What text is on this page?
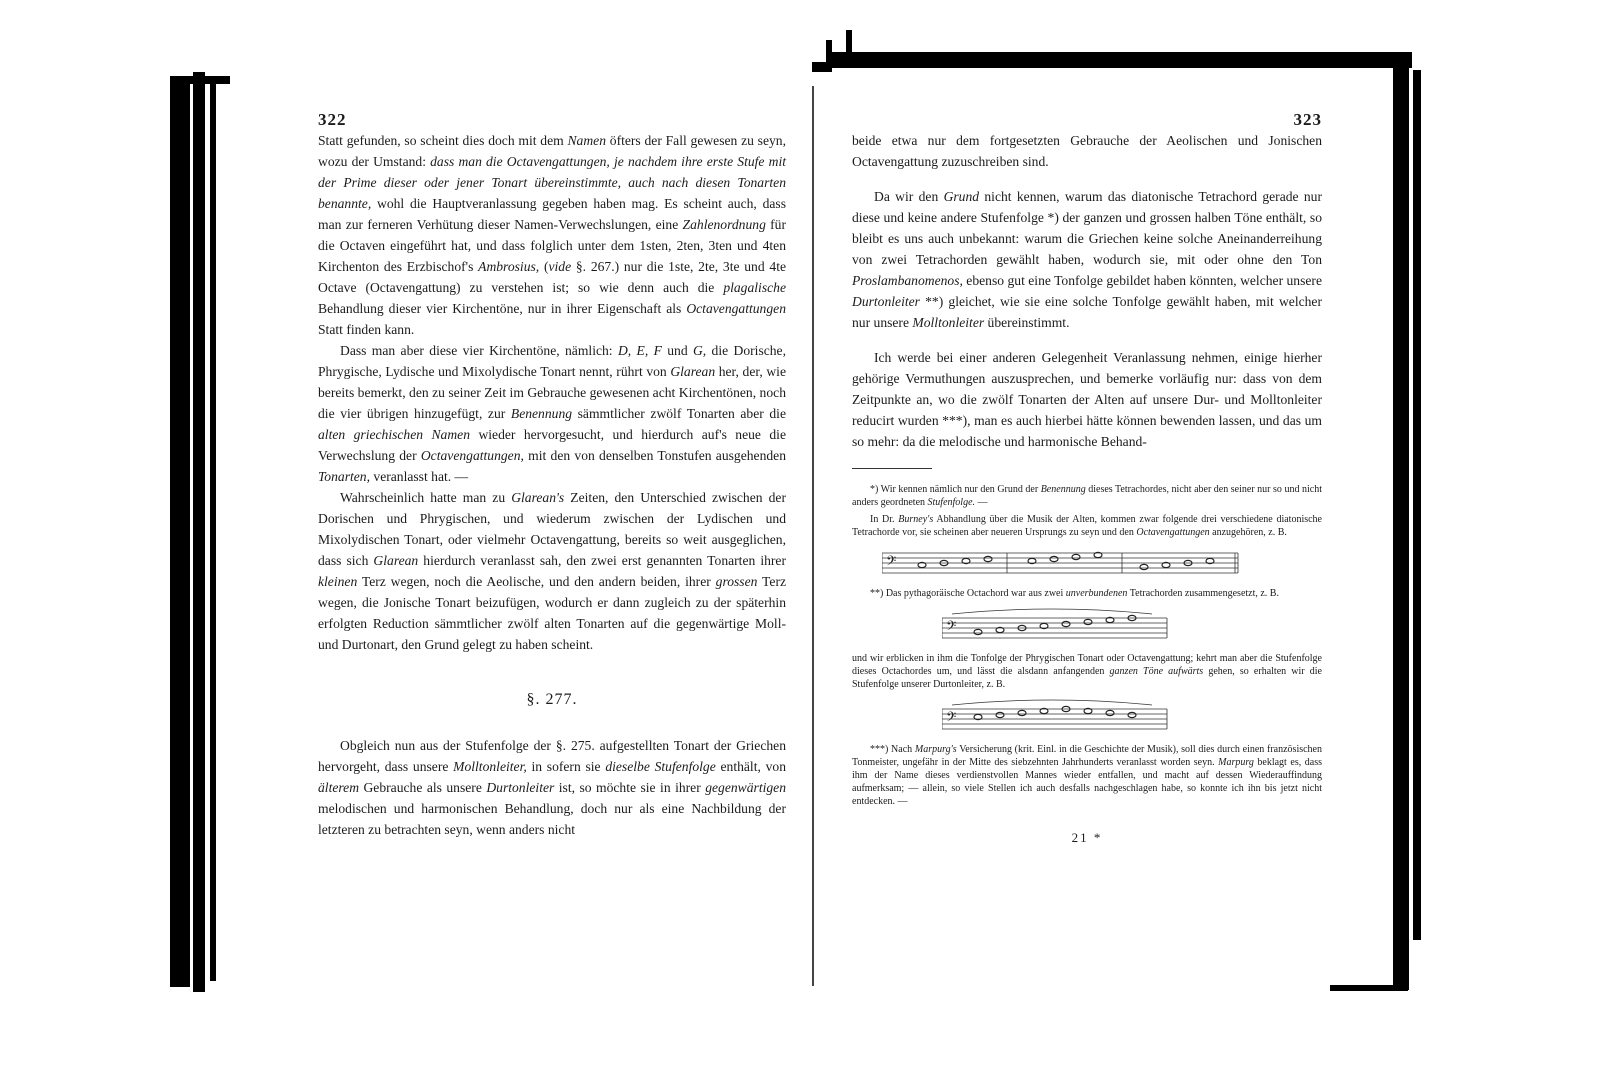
322

Statt gefunden, so scheint dies doch mit dem Namen öfters der Fall gewesen zu seyn, wozu der Umstand: dass man die Octavengattungen, je nachdem ihre erste Stufe mit der Prime dieser oder jener Tonart übereinstimmte, auch nach diesen Tonarten benannte, wohl die Hauptveranlassung gegeben haben mag. Es scheint auch, dass man zur ferneren Verhütung dieser Namen-Verwechslungen, eine Zahlenordnung für die Octaven eingeführt hat, und dass folglich unter dem 1sten, 2ten, 3ten und 4ten Kirchenton des Erzbischof's Ambrosius, (vide §. 267.) nur die 1ste, 2te, 3te und 4te Octave (Octavengattung) zu verstehen ist; so wie denn auch die plagalische Behandlung dieser vier Kirchentöne, nur in ihrer Eigenschaft als Octavengattungen Statt finden kann.

Dass man aber diese vier Kirchentöne, nämlich: D, E, F und G, die Dorische, Phrygische, Lydische und Mixolydische Tonart nennt, rührt von Glarean her, der, wie bereits bemerkt, den zu seiner Zeit im Gebrauche gewesenen acht Kirchentönen, noch die vier übrigen hinzugefügt, zur Benennung sämmtlicher zwölf Tonarten aber die alten griechischen Namen wieder hervorgesucht, und hierdurch auf's neue die Verwechslung der Octavengattungen, mit den von denselben Tonstufen ausgehenden Tonarten, veranlasst hat. —

Wahrscheinlich hatte man zu Glarean's Zeiten, den Unterschied zwischen der Dorischen und Phrygischen, und wiederum zwischen der Lydischen und Mixolydischen Tonart, oder vielmehr Octavengattung, bereits so weit ausgeglichen, dass sich Glarean hierdurch veranlasst sah, den zwei erst genannten Tonarten ihrer kleinen Terz wegen, noch die Aeolische, und den andern beiden, ihrer grossen Terz wegen, die Jonische Tonart beizufügen, wodurch er dann zugleich zu der späterhin erfolgten Reduction sämmtlicher zwölf alten Tonarten auf die gegenwärtige Moll- und Durtonart, den Grund gelegt zu haben scheint.

§. 277.

Obgleich nun aus der Stufenfolge der §. 275. aufgestellten Tonart der Griechen hervorgeht, dass unsere Molltonleiter, in sofern sie dieselbe Stufenfolge enthält, von älterem Gebrauche als unsere Durtonleiter ist, so möchte sie in ihrer gegenwärtigen melodischen und harmonischen Behandlung, doch nur als eine Nachbildung der letzteren zu betrachten seyn, wenn anders nicht

323

beide etwa nur dem fortgesetzten Gebrauche der Aeolischen und Jonischen Octavengattung zuzuschreiben sind.

Da wir den Grund nicht kennen, warum das diatonische Tetrachord gerade nur diese und keine andere Stufenfolge *) der ganzen und grossen halben Töne enthält, so bleibt es uns auch unbekannt: warum die Griechen keine solche Aneinanderreihung von zwei Tetrachorden gewählt haben, wodurch sie, mit oder ohne den Ton Proslambanomenos, ebenso gut eine Tonfolge gebildet haben könnten, welcher unsere Durtonleiter **) gleichet, wie sie eine solche Tonfolge gewählt haben, mit welcher nur unsere Molltonleiter übereinstimmt.

Ich werde bei einer anderen Gelegenheit Veranlassung nehmen, einige hierher gehörige Vermuthungen auszusprechen, und bemerke vorläufig nur: dass von dem Zeitpunkte an, wo die zwölf Tonarten der Alten auf unsere Dur- und Molltonleiter reducirt wurden ***), man es auch hierbei hätte können bewenden lassen, und das um so mehr: da die melodische und harmonische Behand-

*) Wir kennen nämlich nur den Grund der Benennung dieses Tetrachordes, nicht aber den seiner nur so und nicht anders geordneten Stufenfolge. —

In Dr. Burney's Abhandlung über die Musik der Alten, kommen zwar folgende drei verschiedene diatonische Tetrachorde vor, sie scheinen aber neueren Ursprungs zu seyn und den Octavengattungen anzugehören, z. B.

𝄢

**) Das pythagoräische Octachord war aus zwei unverbundenen Tetrachorden zusammengesetzt, z. B.

𝄢

und wir erblicken in ihm die Tonfolge der Phrygischen Tonart oder Octavengattung; kehrt man aber die Stufenfolge dieses Octachordes um, und lässt die alsdann anfangenden ganzen Töne aufwärts gehen, so erhalten wir die Stufenfolge unserer Durtonleiter, z. B.

𝄢

***) Nach Marpurg's Versicherung (krit. Einl. in die Geschichte der Musik), soll dies durch einen französischen Tonmeister, ungefähr in der Mitte des siebzehnten Jahrhunderts veranlasst worden seyn. Marpurg beklagt es, dass ihm der Name dieses verdienstvollen Mannes wieder entfallen, und macht auf dessen Wiederauffindung aufmerksam; — allein, so viele Stellen ich auch desfalls nachgeschlagen habe, so konnte ich ihn bis jetzt nicht entdecken. —

21 *
